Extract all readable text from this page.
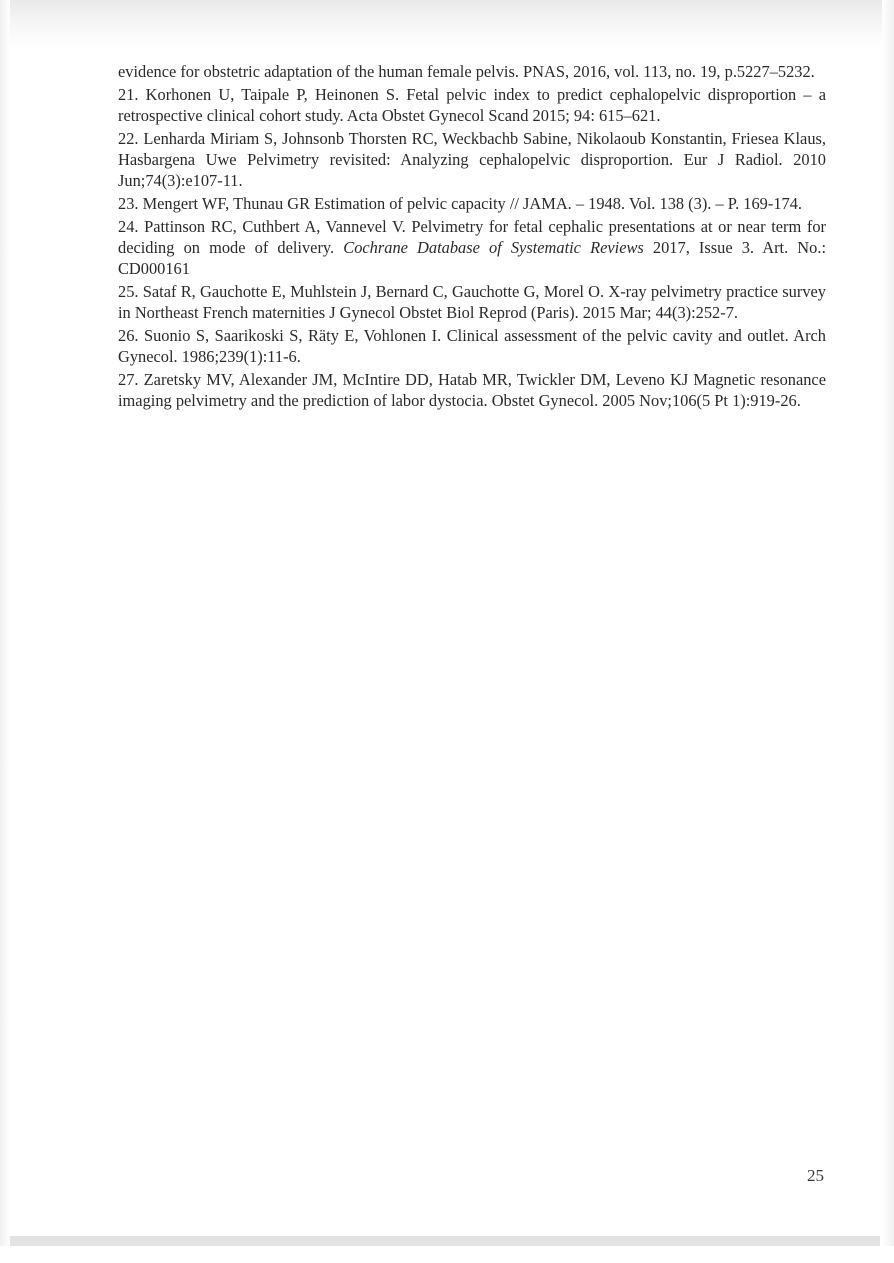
evidence for obstetric adaptation of the human female pelvis. PNAS, 2016, vol. 113, no. 19, p.5227–5232.

21. Korhonen U, Taipale P, Heinonen S. Fetal pelvic index to predict cephalopelvic disproportion – a retrospective clinical cohort study. Acta Obstet Gynecol Scand 2015; 94: 615–621.

22. Lenharda Miriam S, Johnsonb Thorsten RC, Weckbachb Sabine, Nikolaoub Konstantin, Friesea Klaus, Hasbargena Uwe Pelvimetry revisited: Analyzing cephalopelvic disproportion. Eur J Radiol. 2010 Jun;74(3):e107-11.

23. Mengert WF, Thunau GR Estimation of pelvic capacity // JAMA. – 1948. Vol. 138 (3). – P. 169-174.

24. Pattinson RC, Cuthbert A, Vannevel V. Pelvimetry for fetal cephalic presentations at or near term for deciding on mode of delivery. Cochrane Database of Systematic Reviews 2017, Issue 3. Art. No.: CD000161

25. Sataf R, Gauchotte E, Muhlstein J, Bernard C, Gauchotte G, Morel O. X-ray pelvimetry practice survey in Northeast French maternities J Gynecol Obstet Biol Reprod (Paris). 2015 Mar; 44(3):252-7.

26. Suonio S, Saarikoski S, Räty E, Vohlonen I. Clinical assessment of the pelvic cavity and outlet. Arch Gynecol. 1986;239(1):11-6.

27. Zaretsky MV, Alexander JM, McIntire DD, Hatab MR, Twickler DM, Leveno KJ Magnetic resonance imaging pelvimetry and the prediction of labor dystocia. Obstet Gynecol. 2005 Nov;106(5 Pt 1):919-26.

25
